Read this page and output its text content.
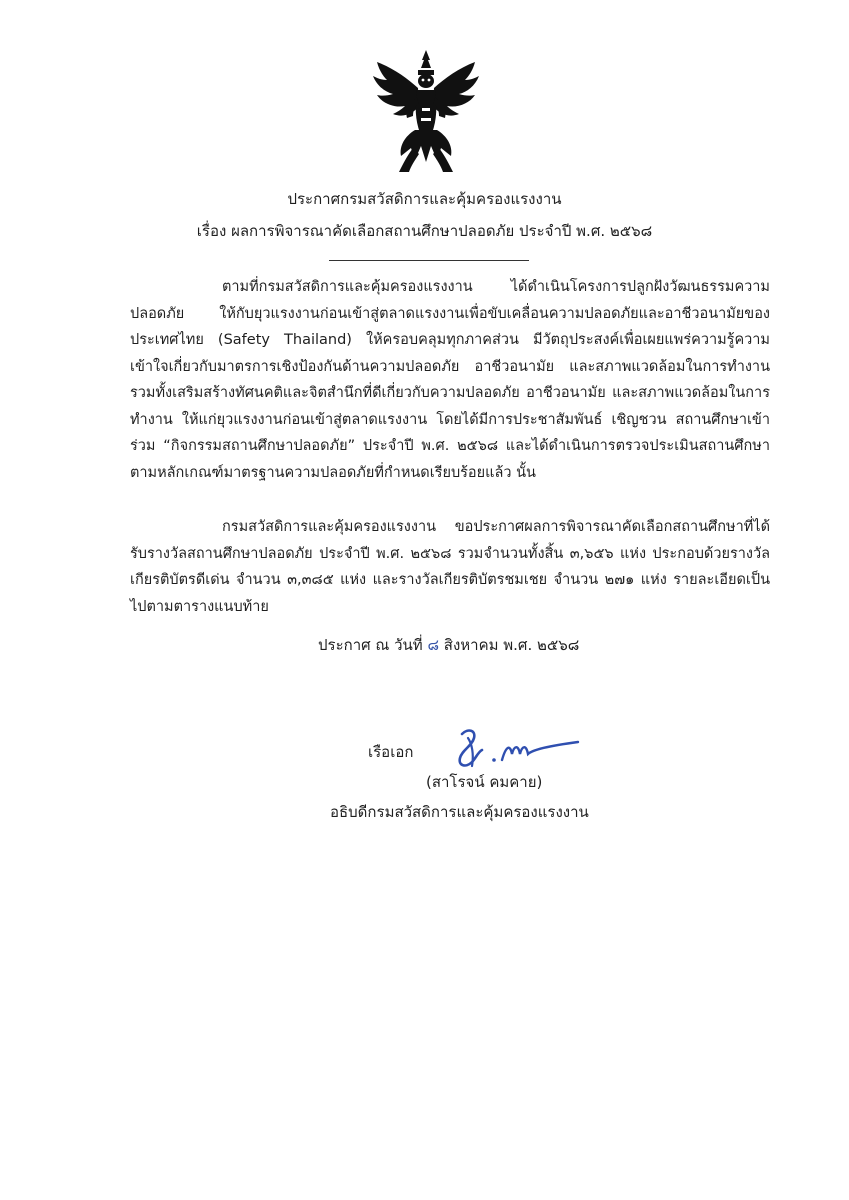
ประกาศกรมสวัสดิการและคุ้มครองแรงงาน
เรื่อง ผลการพิจารณาคัดเลือกสถานศึกษาปลอดภัย ประจำปี พ.ศ. ๒๕๖๘

ตามที่กรมสวัสดิการและคุ้มครองแรงงาน ได้ดำเนินโครงการปลูกฝังวัฒนธรรมความปลอดภัย ให้กับยุวแรงงานก่อนเข้าสู่ตลาดแรงงานเพื่อขับเคลื่อนความปลอดภัยและอาชีวอนามัยของประเทศไทย (Safety Thailand) ให้ครอบคลุมทุกภาคส่วน มีวัตถุประสงค์เพื่อเผยแพร่ความรู้ความเข้าใจเกี่ยวกับมาตรการเชิงป้องกันด้านความปลอดภัย อาชีวอนามัย และสภาพแวดล้อมในการทำงาน รวมทั้งเสริมสร้างทัศนคติและจิตสำนึกที่ดีเกี่ยวกับความปลอดภัย อาชีวอนามัย และสภาพแวดล้อมในการทำงาน ให้แก่ยุวแรงงานก่อนเข้าสู่ตลาดแรงงาน โดยได้มีการประชาสัมพันธ์ เชิญชวน สถานศึกษาเข้าร่วม “กิจกรรมสถานศึกษาปลอดภัย” ประจำปี พ.ศ. ๒๕๖๘ และได้ดำเนินการตรวจประเมินสถานศึกษาตามหลักเกณฑ์มาตรฐานความปลอดภัยที่กำหนดเรียบร้อยแล้ว นั้น

กรมสวัสดิการและคุ้มครองแรงงาน ขอประกาศผลการพิจารณาคัดเลือกสถานศึกษาที่ได้รับรางวัลสถานศึกษาปลอดภัย ประจำปี พ.ศ. ๒๕๖๘ รวมจำนวนทั้งสิ้น ๓,๖๕๖ แห่ง ประกอบด้วยรางวัลเกียรติบัตรดีเด่น จำนวน ๓,๓๘๕ แห่ง และรางวัลเกียรติบัตรชมเชย จำนวน ๒๗๑ แห่ง รายละเอียดเป็นไปตามตารางแนบท้าย

ประกาศ ณ วันที่ ๘ สิงหาคม พ.ศ. ๒๕๖๘
เรือเอก
(สาโรจน์ คมคาย)
อธิบดีกรมสวัสดิการและคุ้มครองแรงงาน
